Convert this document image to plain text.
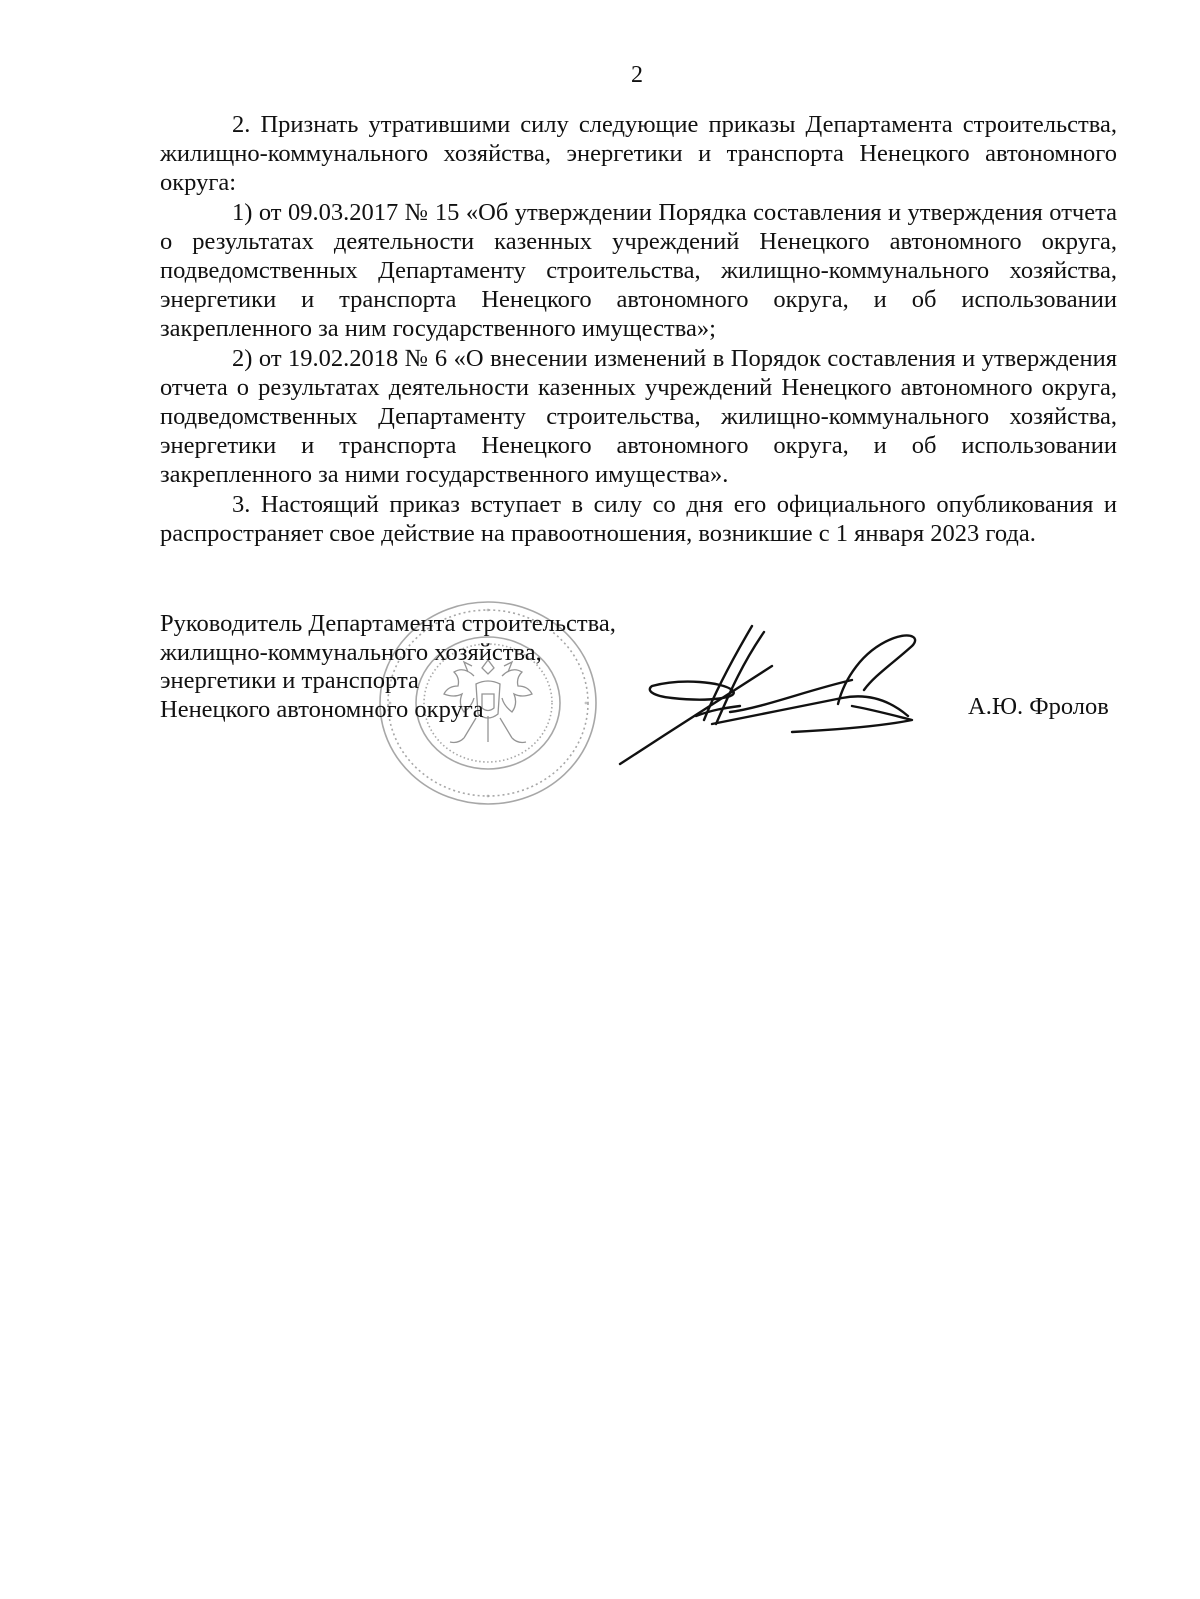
2

2. Признать утратившими силу следующие приказы Департамента строительства, жилищно-коммунального хозяйства, энергетики и транспорта Ненецкого автономного округа:

1) от 09.03.2017 № 15 «Об утверждении Порядка составления и утверждения отчета о результатах деятельности казенных учреждений Ненецкого автономного округа, подведомственных Департаменту строительства, жилищно-коммунального хозяйства, энергетики и транспорта Ненецкого автономного округа, и об использовании закрепленного за ним государственного имущества»;

2) от 19.02.2018 № 6 «О внесении изменений в Порядок составления и утверждения отчета о результатах деятельности казенных учреждений Ненецкого автономного округа, подведомственных Департаменту строительства, жилищно-коммунального хозяйства, энергетики и транспорта Ненецкого автономного округа, и об использовании закрепленного за ними государственного имущества».

3. Настоящий приказ вступает в силу со дня его официального опубликования и распространяет свое действие на правоотношения, возникшие с 1 января 2023 года.

Руководитель Департамента строительства,
жилищно-коммунального хозяйства,
энергетики и транспорта
Ненецкого автономного округа	А.Ю. Фролов
